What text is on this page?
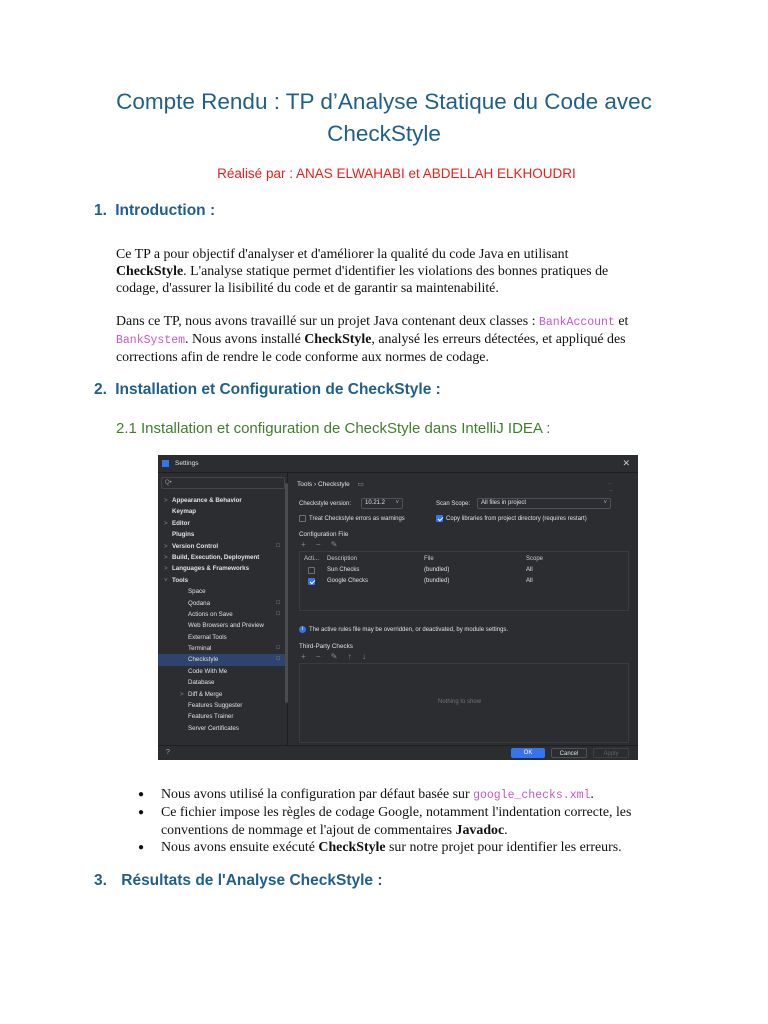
Compte Rendu : TP d’Analyse Statique du Code avec
CheckStyle
Réalisé par : ANAS ELWAHABI et ABDELLAH ELKHOUDRI
1. Introduction :
Ce TP a pour objectif d'analyser et d'améliorer la qualité du code Java en utilisant
CheckStyle. L'analyse statique permet d'identifier les violations des bonnes pratiques de
codage, d'assurer la lisibilité du code et de garantir sa maintenabilité.
Dans ce TP, nous avons travaillé sur un projet Java contenant deux classes : BankAccount et
BankSystem. Nous avons installé CheckStyle, analysé les erreurs détectées, et appliqué des
corrections afin de rendre le code conforme aux normes de codage.
2. Installation et Configuration de CheckStyle :
2.1 Installation et configuration de CheckStyle dans IntelliJ IDEA :
Settings	✕
Q•
> Appearance & Behavior
Keymap
> Editor
Plugins
> Version Control	□
> Build, Execution, Deployment
> Languages & Frameworks
˅ Tools
Space
Qodana	□
Actions on Save	□
Web Browsers and Preview
External Tools
Terminal	□
Checkstyle	□
Code With Me
Database
> Diff & Merge
Features Suggester
Features Trainer
Server Certificates
Tools › Checkstyle ▭	← →
Checkstyle version:	10.21.2 ˅	Scan Scope:	All files in project	˅
Treat Checkstyle errors as warnings	Copy libraries from project directory (requires restart)
Configuration File
+ − ✎
Acti... Description	File	Scope
Sun Checks	(bundled)	All
Google Checks	(bundled)	All
i The active rules file may be overridden, or deactivated, by module settings.
Third-Party Checks
+ − ✎ ↑ ↓
Nothing to show
?	OK	Cancel	Apply
● Nous avons utilisé la configuration par défaut basée sur google_checks.xml.
● Ce fichier impose les règles de codage Google, notamment l'indentation correcte, les
conventions de nommage et l'ajout de commentaires Javadoc.
● Nous avons ensuite exécuté CheckStyle sur notre projet pour identifier les erreurs.
3. Résultats de l'Analyse CheckStyle :
